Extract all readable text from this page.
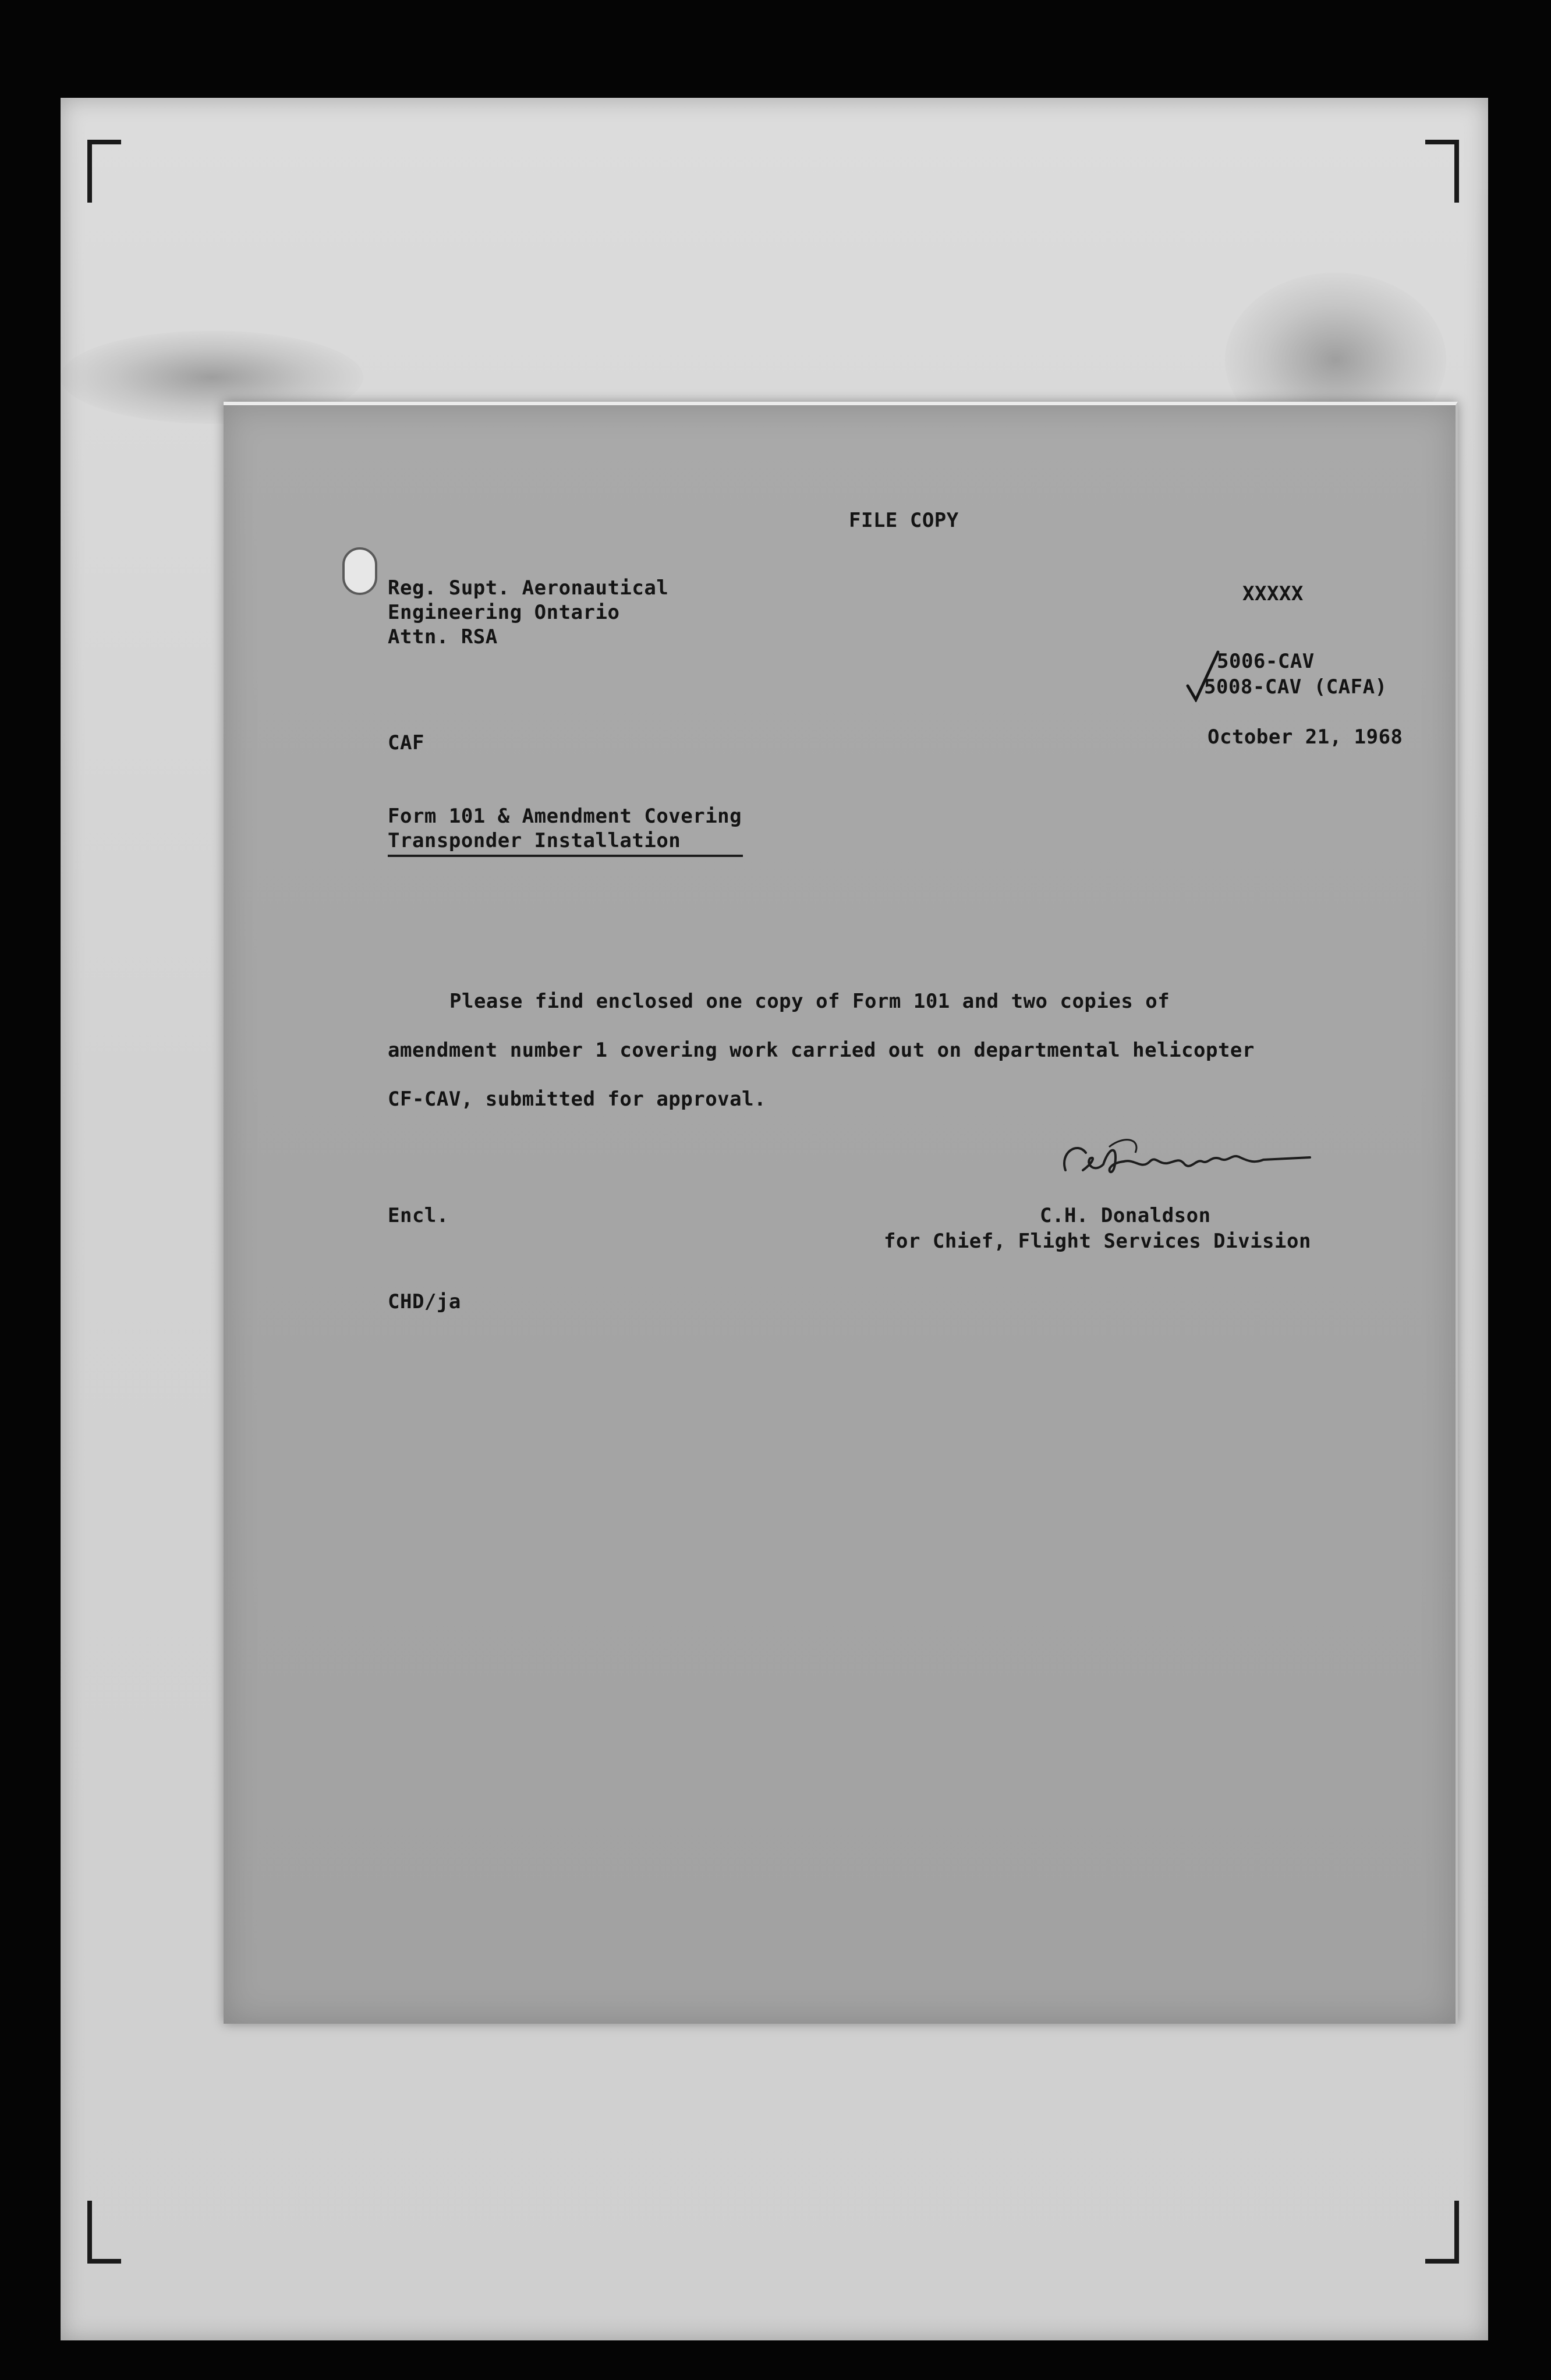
FILE COPY
Reg. Supt. Aeronautical
Engineering Ontario
Attn. RSA
XXXXX
5006-CAV
5008-CAV (CAFA)
CAF	October 21, 1968
Form 101 & Amendment Covering
Transponder Installation
Please find enclosed one copy of Form 101 and two copies of
amendment number 1 covering work carried out on departmental helicopter
CF-CAV, submitted for approval.
Encl.	C.H. Donaldson
for Chief, Flight Services Division
CHD/ja
